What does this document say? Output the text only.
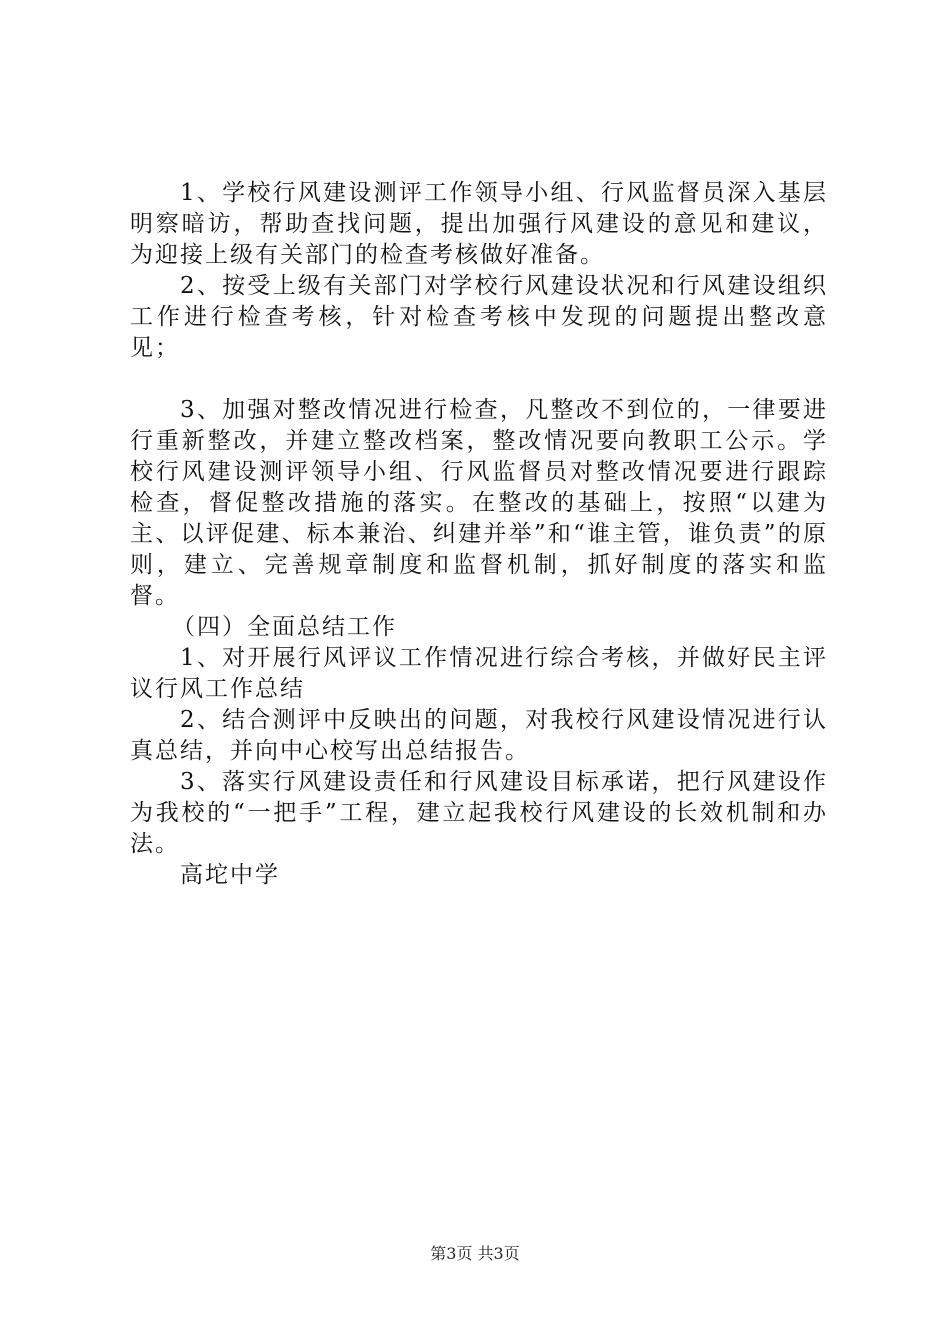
1、学校行风建设测评工作领导小组、行风监督员深入基层明察暗访，帮助查找问题，提出加强行风建设的意见和建议，为迎接上级有关部门的检查考核做好准备。

2、按受上级有关部门对学校行风建设状况和行风建设组织工作进行检查考核，针对检查考核中发现的问题提出整改意见；

3、加强对整改情况进行检查，凡整改不到位的，一律要进行重新整改，并建立整改档案，整改情况要向教职工公示。学校行风建设测评领导小组、行风监督员对整改情况要进行跟踪检查，督促整改措施的落实。在整改的基础上，按照“以建为主、以评促建、标本兼治、纠建并举”和“谁主管，谁负责”的原则，建立、完善规章制度和监督机制，抓好制度的落实和监督。

（四）全面总结工作

1、对开展行风评议工作情况进行综合考核，并做好民主评议行风工作总结

2、结合测评中反映出的问题，对我校行风建设情况进行认真总结，并向中心校写出总结报告。

3、落实行风建设责任和行风建设目标承诺，把行风建设作为我校的“一把手”工程，建立起我校行风建设的长效机制和办法。

高坨中学

第3页 共3页
